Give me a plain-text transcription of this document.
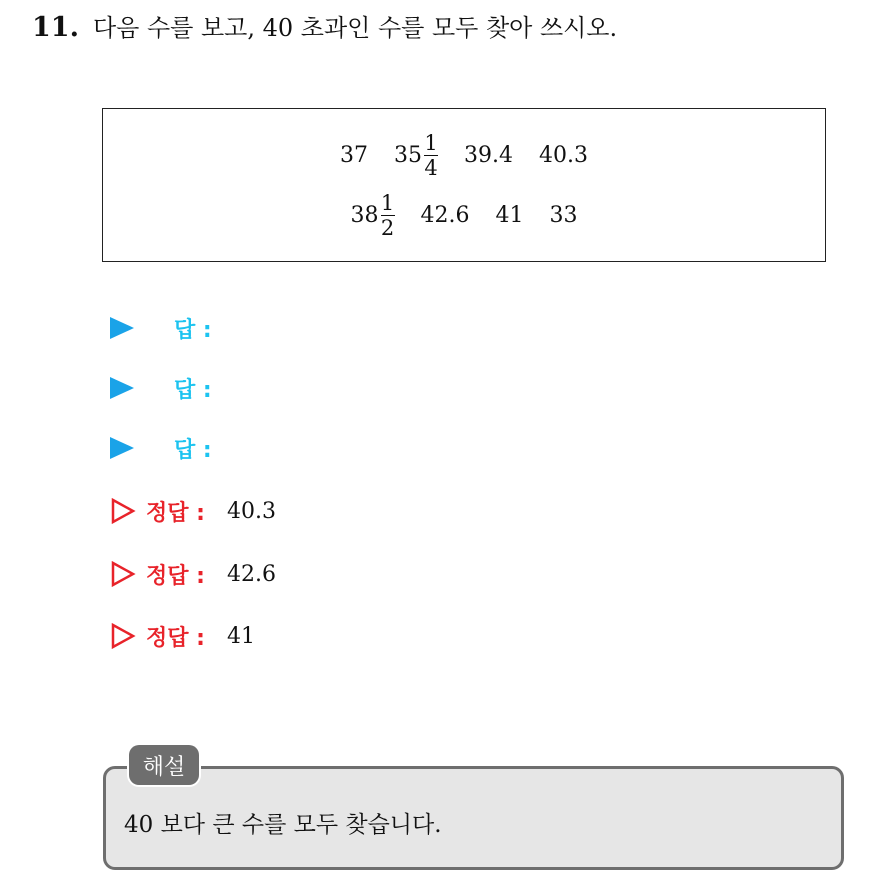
11. 다음 수를 보고, 40 초과인 수를 모두 찾아 쓰시오.
37 $35 \frac{1}{4} 39.4$ 40.3
$38 \frac{1}{2} 42.6$ 41 33
답 :
답 :
답 :
정답 : 40.3
정답 : 42.6
정답 : 41
해설
40 보다 큰 수를 모두 찾습니다.
